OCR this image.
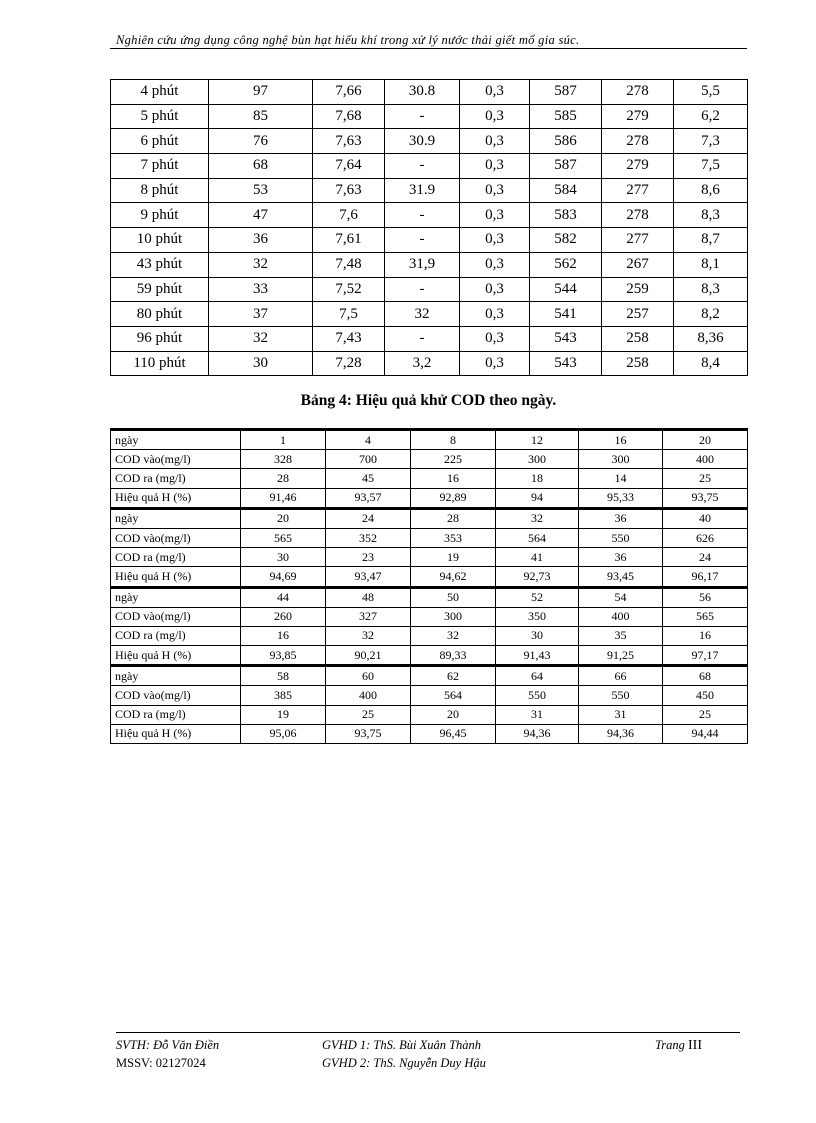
Nghiên cứu ứng dụng công nghệ bùn hạt hiếu khí trong xử lý nước thải giết mổ gia súc.
4 phút	97	7,66	30.8	0,3	587	278	5,5
5 phút	85	7,68	-	0,3	585	279	6,2
6 phút	76	7,63	30.9	0,3	586	278	7,3
7 phút	68	7,64	-	0,3	587	279	7,5
8 phút	53	7,63	31.9	0,3	584	277	8,6
9 phút	47	7,6	-	0,3	583	278	8,3
10 phút	36	7,61	-	0,3	582	277	8,7
43 phút	32	7,48	31,9	0,3	562	267	8,1
59 phút	33	7,52	-	0,3	544	259	8,3
80 phút	37	7,5	32	0,3	541	257	8,2
96 phút	32	7,43	-	0,3	543	258	8,36
110 phút	30	7,28	3,2	0,3	543	258	8,4
Bảng 4: Hiệu quả khử COD theo ngày.
ngày	1	4	8	12	16	20
COD vào(mg/l)	328	700	225	300	300	400
COD ra (mg/l)	28	45	16	18	14	25
Hiệu quả H (%)	91,46	93,57	92,89	94	95,33	93,75
ngày	20	24	28	32	36	40
COD vào(mg/l)	565	352	353	564	550	626
COD ra (mg/l)	30	23	19	41	36	24
Hiệu quả H (%)	94,69	93,47	94,62	92,73	93,45	96,17
ngày	44	48	50	52	54	56
COD vào(mg/l)	260	327	300	350	400	565
COD ra (mg/l)	16	32	32	30	35	16
Hiệu quả H (%)	93,85	90,21	89,33	91,43	91,25	97,17
ngày	58	60	62	64	66	68
COD vào(mg/l)	385	400	564	550	550	450
COD ra (mg/l)	19	25	20	31	31	25
Hiệu quả H (%)	95,06	93,75	96,45	94,36	94,36	94,44
SVTH: Đỗ Văn Điền
MSSV: 02127024
GVHD 1: ThS. Bùi Xuân Thành
GVHD 2: ThS. Nguyễn Duy Hậu
Trang III
